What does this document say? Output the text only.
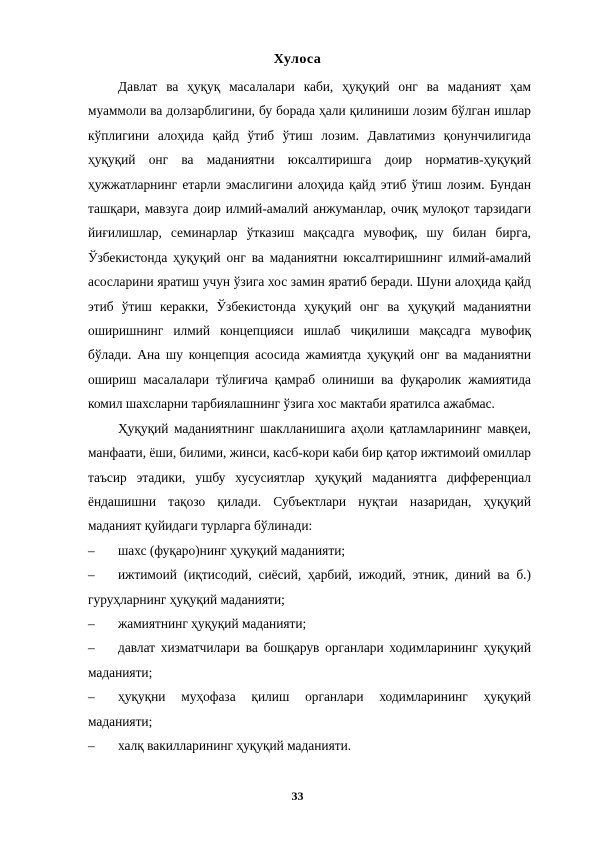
Хулоса

Давлат ва ҳуқуқ масалалари каби, ҳуқуқий онг ва маданият ҳам муаммоли ва долзарблигини, бу борада ҳали қилиниши лозим бўлган ишлар кўплигини алоҳида қайд ўтиб ўтиш лозим. Давлатимиз қонунчилигида ҳуқуқий онг ва маданиятни юксалтиришга доир норматив-ҳуқуқий ҳужжатларнинг етарли эмаслигини алоҳида қайд этиб ўтиш лозим. Бундан ташқари, мавзуга доир илмий-амалий анжуманлар, очиқ мулоқот тарзидаги йиғилишлар, семинарлар ўтказиш мақсадга мувофиқ, шу билан бирга, Ўзбекистонда ҳуқуқий онг ва маданиятни юксалтиришнинг илмий-амалий асосларини яратиш учун ўзига хос замин яратиб беради. Шуни алоҳида қайд этиб ўтиш керакки, Ўзбекистонда ҳуқуқий онг ва ҳуқуқий маданиятни оширишнинг илмий концепцияси ишлаб чиқилиши мақсадга мувофиқ бўлади. Ана шу концепция асосида жамиятда ҳуқуқий онг ва маданиятни ошириш масалалари тўлиғича қамраб олиниши ва фуқаролик жамиятида комил шахсларни тарбиялашнинг ўзига хос мактаби яратилса ажабмас.

Ҳуқуқий маданиятнинг шаклланишига аҳоли қатламларининг мавқеи, манфаати, ёши, билими, жинси, касб-кори каби бир қатор ижтимоий омиллар таъсир этадики, ушбу хусусиятлар ҳуқуқий маданиятга дифференциал ёндашишни тақозо қилади. Субъектлари нуқтаи назаридан, ҳуқуқий маданият қуйидаги турларга бўлинади:

– шахс (фуқаро)нинг ҳуқуқий маданияти;
– ижтимоий (иқтисодий, сиёсий, ҳарбий, ижодий, этник, диний ва б.) гуруҳларнинг ҳуқуқий маданияти;
– жамиятнинг ҳуқуқий маданияти;
– давлат хизматчилари ва бошқарув органлари ходимларининг ҳуқуқий маданияти;
– ҳуқуқни муҳофаза қилиш органлари ходимларининг ҳуқуқий маданияти;
– халқ вакилларининг ҳуқуқий маданияти.

33
